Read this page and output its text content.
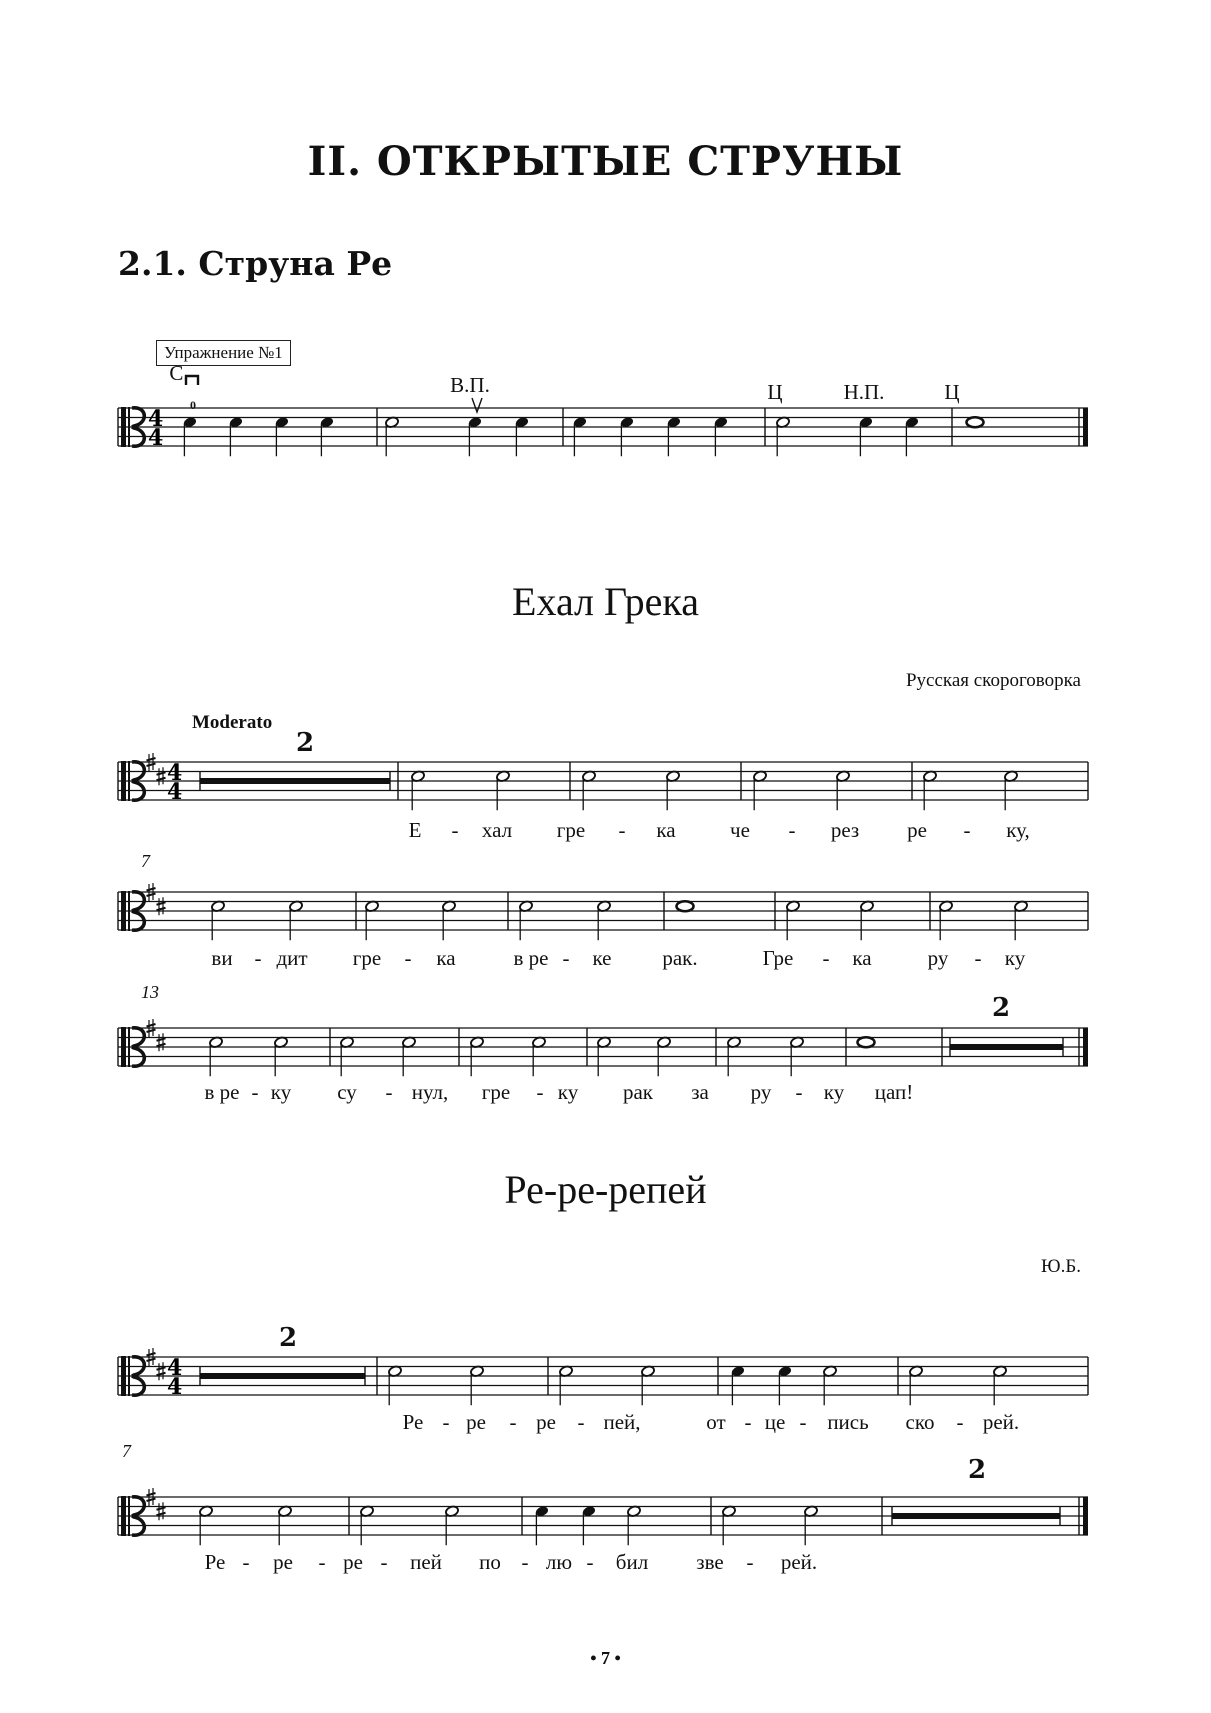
II. ОТКРЫТЫЕ СТРУНЫ
2.1. Струна Ре
Упражнение №1
С.	В.П.	Ц	Н.П.	Ц
0
Ехал Грека
Русская скороговорка
Moderato
2
7
13
2
Ре-ре-репей
Ю.Б.
2
7
2
Е - хал гре - ка	че - рез ре - ку,
ви - дит гре - ка	в ре - ке рак.	Гре - ка	ру - ку
в ре - ку су - нул, гре - ку рак за ру - ку цап!
Ре - ре - ре - пей,	от - це - пись ско - рей.
Ре - ре - ре - пей по - лю - бил зве - рей.
• 7 •
4
4
4
4
4
4
